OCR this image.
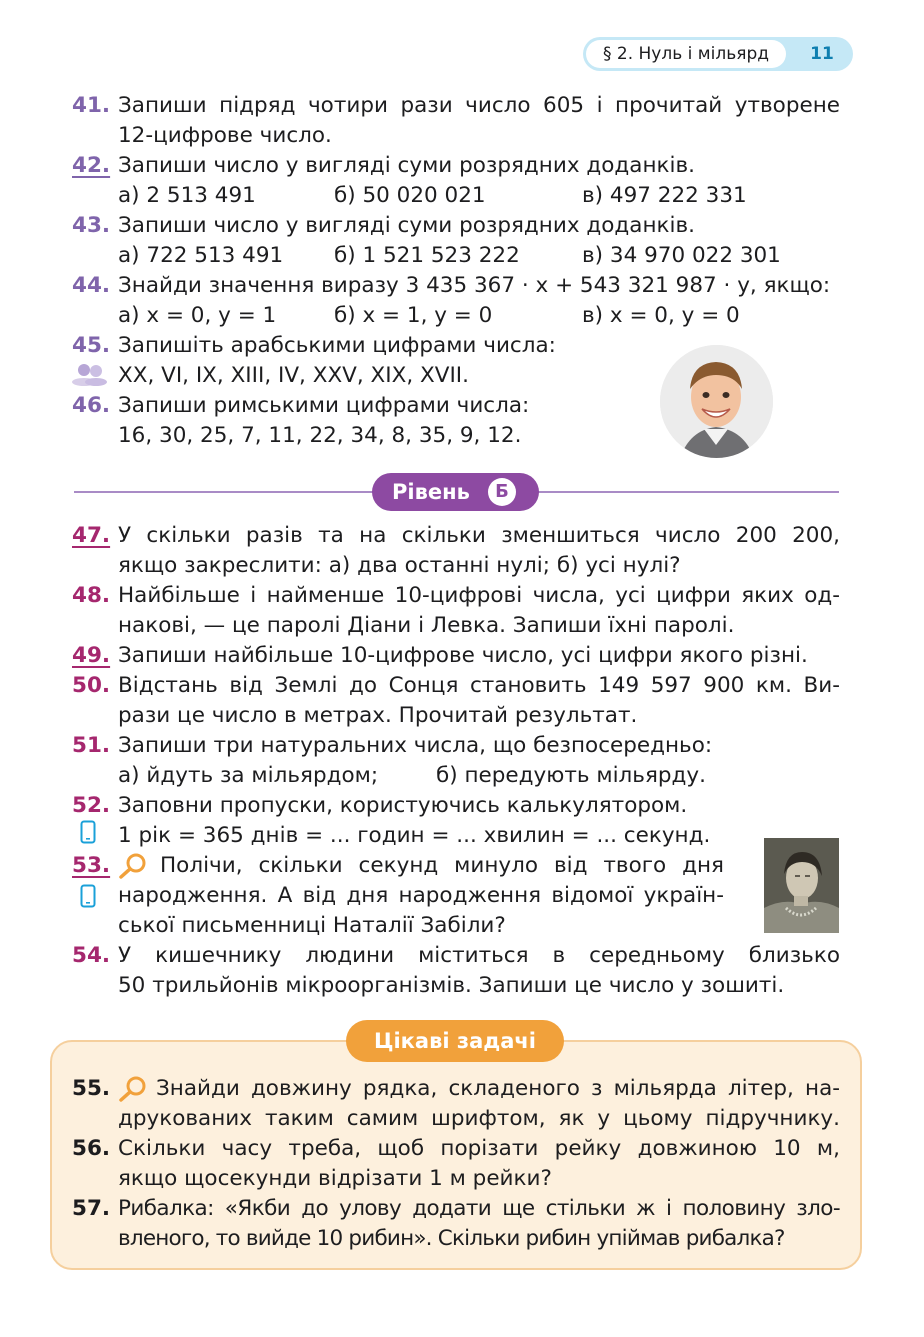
§ 2. Нуль і мільярд	11
41. Запиши підряд чотири рази число 605 і прочитай утворене
12-цифрове число.
42. Запиши число у вигляді суми розрядних доданків.
а) 2 513 491	б) 50 020 021	в) 497 222 331
43. Запиши число у вигляді суми розрядних доданків.
а) 722 513 491 б) 1 521 523 222	в) 34 970 022 301
44. Знайди значення виразу 3 435 367 · x + 543 321 987 · y, якщо:
а) x = 0, y = 1	б) x = 1, y = 0	в) x = 0, y = 0
45. Запишіть арабськими цифрами числа:
XX, VI, IX, XIII, IV, XXV, XIX, XVII.
46. Запиши римськими цифрами числа:
16, 30, 25, 7, 11, 22, 34, 8, 35, 9, 12.
Рівень	Б
47. У скільки разів та на скільки зменшиться число 200 200,
якщо закреслити: а) два останні нулі; б) усі нулі?
48. Найбільше і найменше 10-цифрові числа, усі цифри яких од-
накові, — це паролі Діани і Левка. Запиши їхні паролі.
49. Запиши найбільше 10-цифрове число, усі цифри якого різні.
50. Відстань від Землі до Сонця становить 149 597 900 км. Ви-
рази це число в метрах. Прочитай результат.
51. Запиши три натуральних числа, що безпосередньо:
а) йдуть за мільярдом;	б) передують мільярду.
52. Заповни пропуски, користуючись калькулятором.
1 рік = 365 днів = ... годин = ... хвилин = ... секунд.
53. Полічи, скільки секунд минуло від твого дня
народження. А від дня народження відомої україн-
ської письменниці Наталії Забіли?
54. У кишечнику людини міститься в середньому близько
50 трильйонів мікроорганізмів. Запиши це число у зошиті.
Цікаві задачі
55. Знайди довжину рядка, складеного з мільярда літер, на-
друкованих таким самим шрифтом, як у цьому підручнику.
56. Скільки часу треба, щоб порізати рейку довжиною 10 м,
якщо щосекунди відрізати 1 м рейки?
57. Рибалка: «Якби до улову додати ще стільки ж і половину зло-
вленого, то вийде 10 рибин». Скільки рибин упіймав рибалка?
